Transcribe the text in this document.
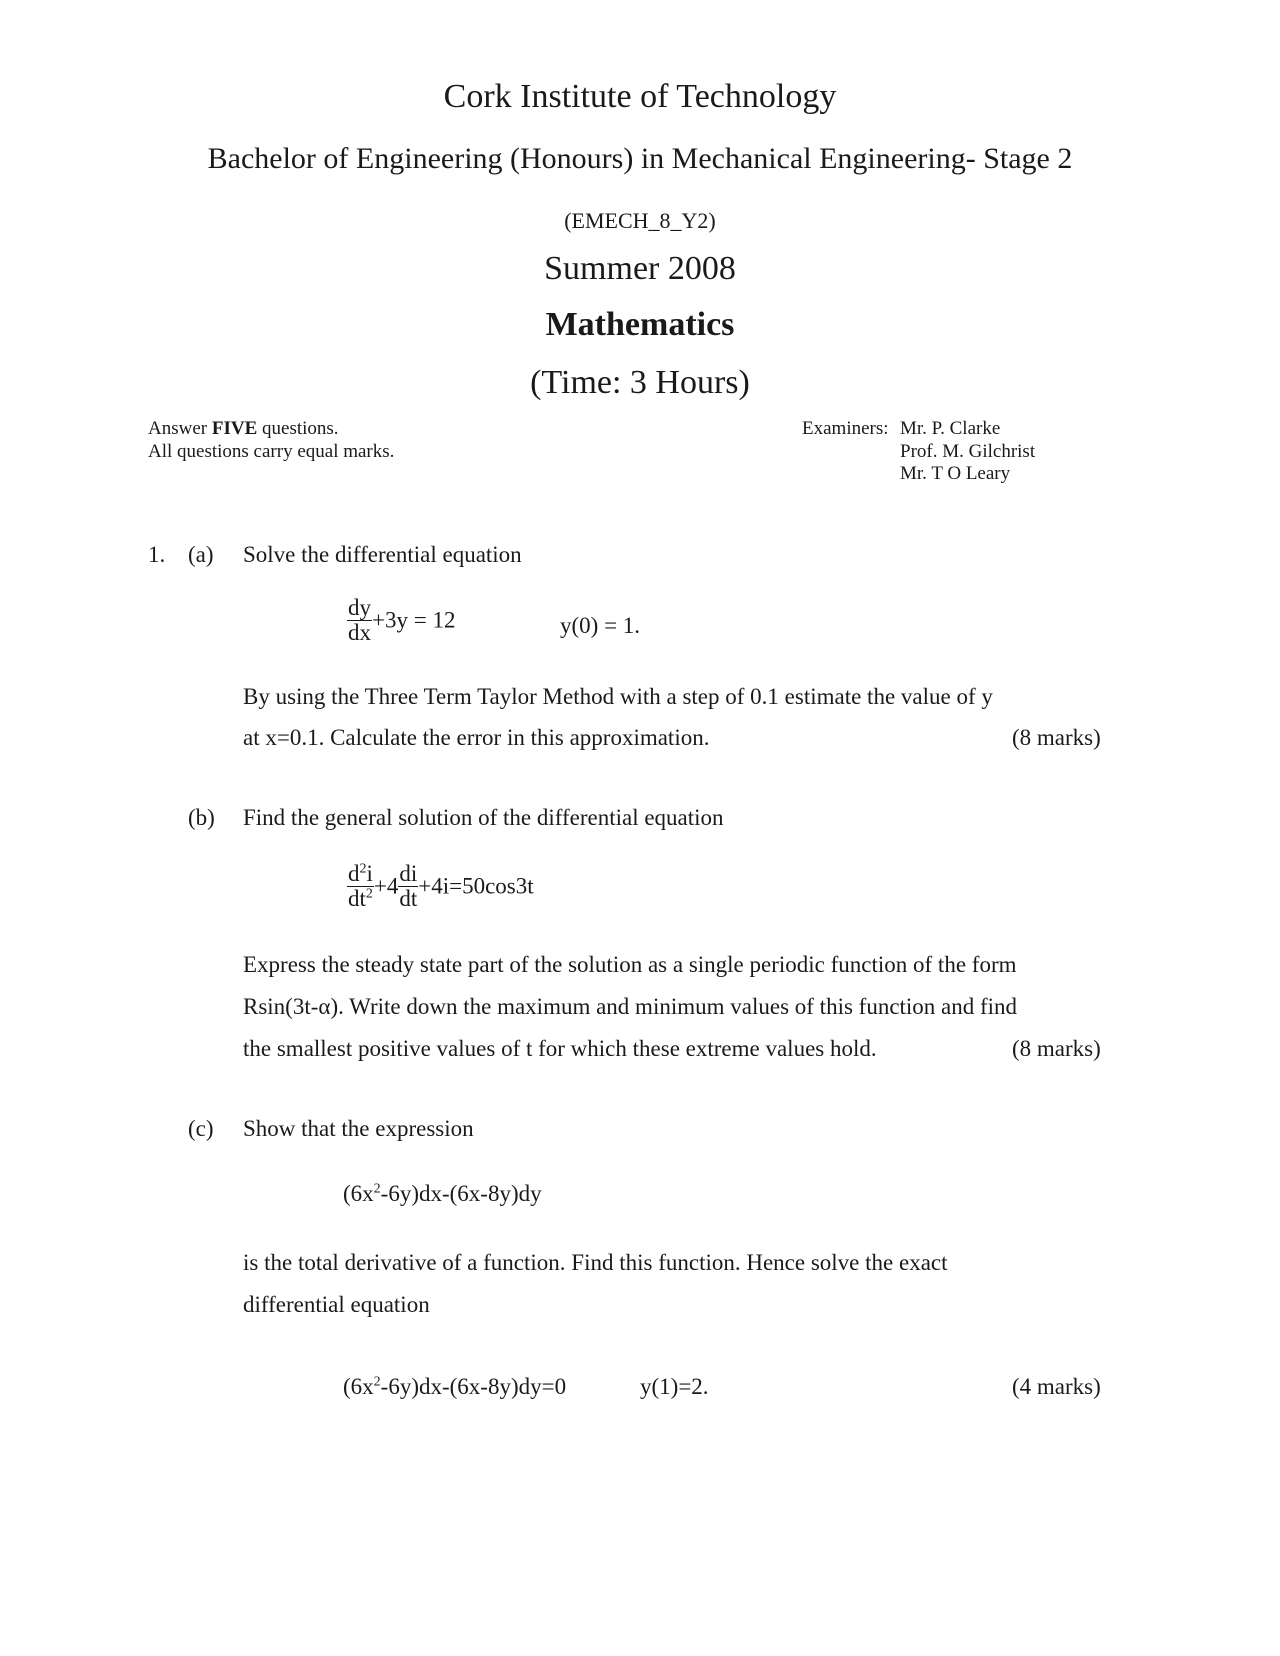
Cork Institute of Technology
Bachelor of Engineering (Honours) in Mechanical Engineering- Stage 2
(EMECH_8_Y2)
Summer 2008
Mathematics
(Time: 3 Hours)
Answer FIVE questions.
All questions carry equal marks.
Examiners: Mr. P. Clarke
Prof. M. Gilchrist
Mr. T O Leary
1. (a) Solve the differential equation
$\frac{dy}{dx} +3y = 12$	y(0) = 1.
By using the Three Term Taylor Method with a step of 0.1 estimate the value of y
at x=0.1. Calculate the error in this approximation.	(8 marks)
(b) Find the general solution of the differential equation
$\frac{d^2i}{dt^2} +4 \frac{di}{dt} +4i=50\cos 3t$
Express the steady state part of the solution as a single periodic function of the form
Rsin(3t-α). Write down the maximum and minimum values of this function and find
the smallest positive values of t for which these extreme values hold.	(8 marks)
(c) Show that the expression
$(6x^2-6y)dx-(6x-8y)dy$
is the total derivative of a function. Find this function. Hence solve the exact
differential equation
$(6x^2-6y)dx-(6x-8y)dy=0$	y(1)=2.	(4 marks)
